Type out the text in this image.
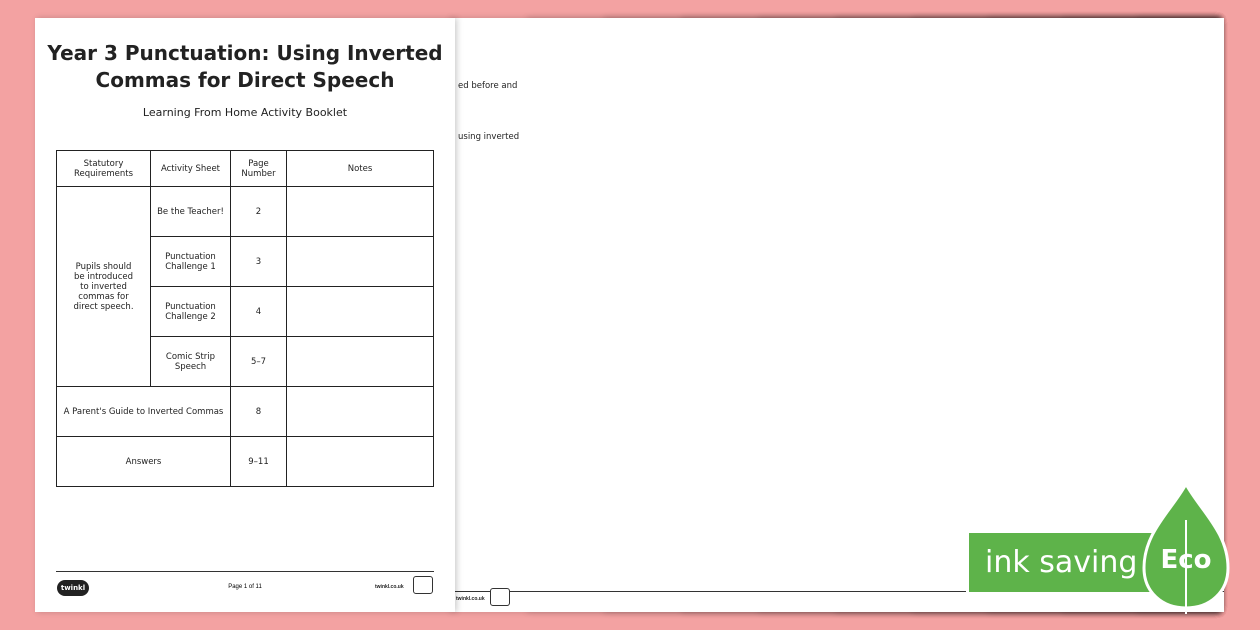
ed before and
using inverted
twinkl.co.uk
Year 3 Punctuation: Using Inverted Commas for Direct Speech
Learning From Home Activity Booklet
Statutory Requirements	Activity Sheet	Page Number	Notes
Pupils should be introduced to inverted commas for direct speech.	Be the Teacher!	2	
	Punctuation Challenge 1	3	
	Punctuation Challenge 2	4	
	Comic Strip Speech	5–7	
A Parent's Guide to Inverted Commas		8	
Answers		9–11	
twinkl	Page 1 of 11	twinkl.co.uk
ink saving Eco
